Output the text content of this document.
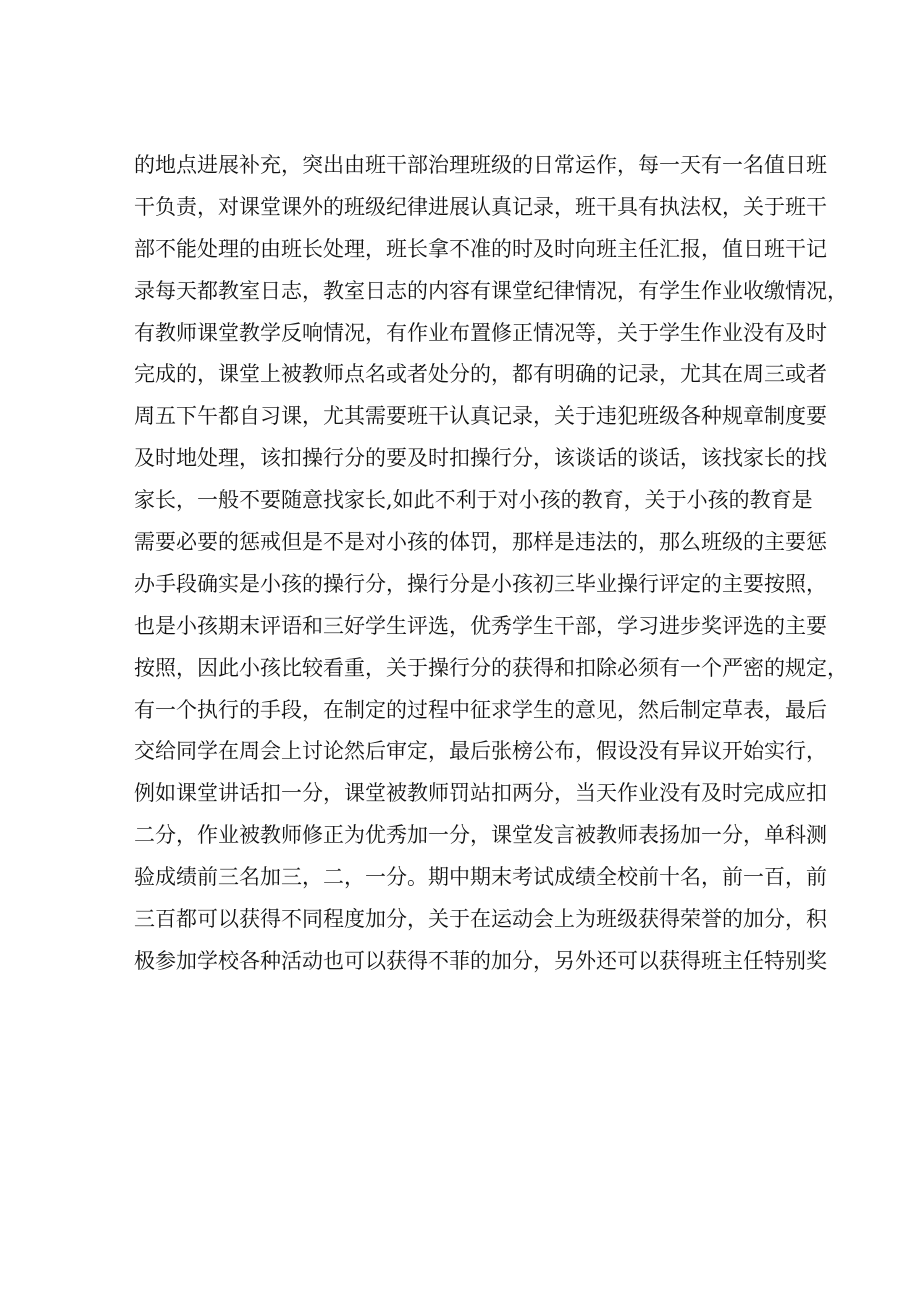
的地点进展补充，突出由班干部治理班级的日常运作，每一天有一名值日班
干负责，对课堂课外的班级纪律进展认真记录，班干具有执法权，关于班干
部不能处理的由班长处理，班长拿不准的时及时向班主任汇报，值日班干记
录每天都教室日志，教室日志的内容有课堂纪律情况，有学生作业收缴情况，
有教师课堂教学反响情况，有作业布置修正情况等，关于学生作业没有及时
完成的，课堂上被教师点名或者处分的，都有明确的记录，尤其在周三或者
周五下午都自习课，尤其需要班干认真记录，关于违犯班级各种规章制度要
及时地处理，该扣操行分的要及时扣操行分，该谈话的谈话，该找家长的找
家长，一般不要随意找家长,如此不利于对小孩的教育，关于小孩的教育是
需要必要的惩戒但是不是对小孩的体罚，那样是违法的，那么班级的主要惩
办手段确实是小孩的操行分，操行分是小孩初三毕业操行评定的主要按照，
也是小孩期末评语和三好学生评选，优秀学生干部，学习进步奖评选的主要
按照，因此小孩比较看重，关于操行分的获得和扣除必须有一个严密的规定，
有一个执行的手段，在制定的过程中征求学生的意见，然后制定草表，最后
交给同学在周会上讨论然后审定，最后张榜公布，假设没有异议开始实行，
例如课堂讲话扣一分，课堂被教师罚站扣两分，当天作业没有及时完成应扣
二分，作业被教师修正为优秀加一分，课堂发言被教师表扬加一分，单科测
验成绩前三名加三，二，一分。期中期末考试成绩全校前十名，前一百，前
三百都可以获得不同程度加分，关于在运动会上为班级获得荣誉的加分，积
极参加学校各种活动也可以获得不菲的加分，另外还可以获得班主任特别奖
